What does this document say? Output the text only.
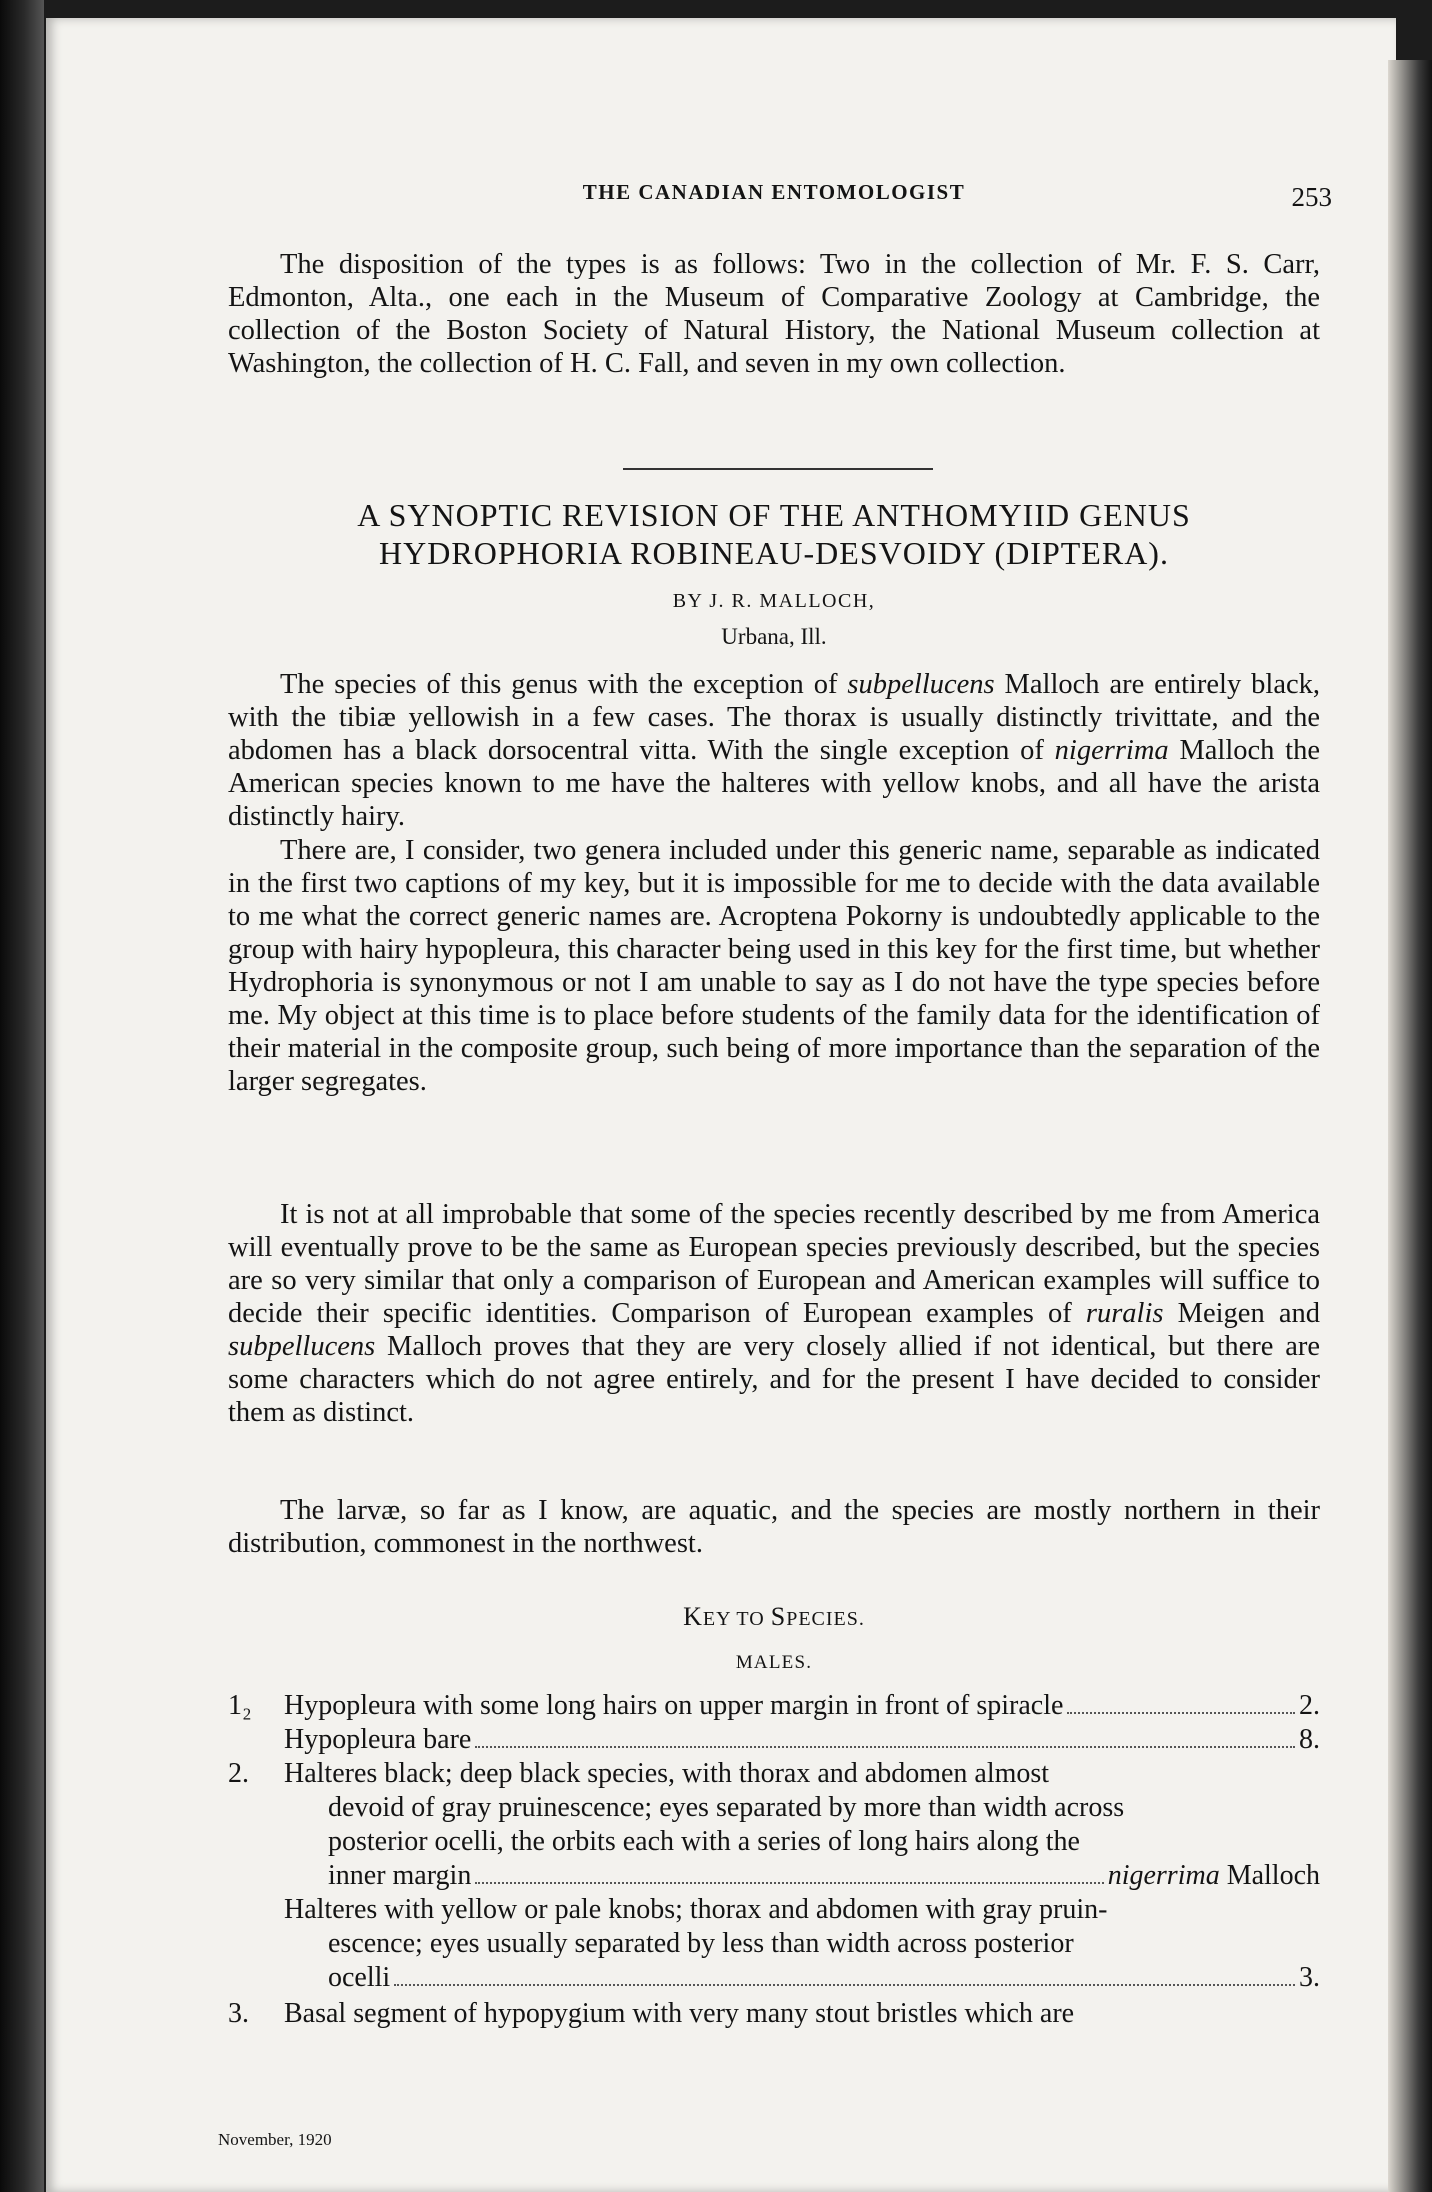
THE CANADIAN ENTOMOLOGIST	253

The disposition of the types is as follows: Two in the collection of Mr. F. S. Carr, Edmonton, Alta., one each in the Museum of Comparative Zoology at Cambridge, the collection of the Boston Society of Natural History, the National Museum collection at Washington, the collection of H. C. Fall, and seven in my own collection.

A SYNOPTIC REVISION OF THE ANTHOMYIID GENUS
HYDROPHORIA ROBINEAU-DESVOIDY (DIPTERA).
BY J. R. MALLOCH,
Urbana, Ill.

The species of this genus with the exception of subpellucens Malloch are entirely black, with the tibiæ yellowish in a few cases. The thorax is usually distinctly trivittate, and the abdomen has a black dorsocentral vitta. With the single exception of nigerrima Malloch the American species known to me have the halteres with yellow knobs, and all have the arista distinctly hairy.

There are, I consider, two genera included under this generic name, separable as indicated in the first two captions of my key, but it is impossible for me to decide with the data available to me what the correct generic names are. Acroptena Pokorny is undoubtedly applicable to the group with hairy hypopleura, this character being used in this key for the first time, but whether Hydrophoria is synonymous or not I am unable to say as I do not have the type species before me. My object at this time is to place before students of the family data for the identification of their material in the composite group, such being of more importance than the separation of the larger segregates.

It is not at all improbable that some of the species recently described by me from America will eventually prove to be the same as European species previously described, but the species are so very similar that only a comparison of European and American examples will suffice to decide their specific identities. Comparison of European examples of ruralis Meigen and subpellucens Malloch proves that they are very closely allied if not identical, but there are some characters which do not agree entirely, and for the present I have decided to consider them as distinct.

The larvæ, so far as I know, are aquatic, and the species are mostly northern in their distribution, commonest in the northwest.

KEY TO SPECIES.
MALES.
1₂	Hypopleura with some long hairs on upper margin in front of spiracle	2.
Hypopleura bare	8.
2.	Halteres black; deep black species, with thorax and abdomen almost
devoid of gray pruinescence; eyes separated by more than width across
posterior ocelli, the orbits each with a series of long hairs along the
inner margin	nigerrima Malloch
Halteres with yellow or pale knobs; thorax and abdomen with gray pruin-
escence; eyes usually separated by less than width across posterior
ocelli	3.
3.	Basal segment of hypopygium with very many stout bristles which are
November, 1920
